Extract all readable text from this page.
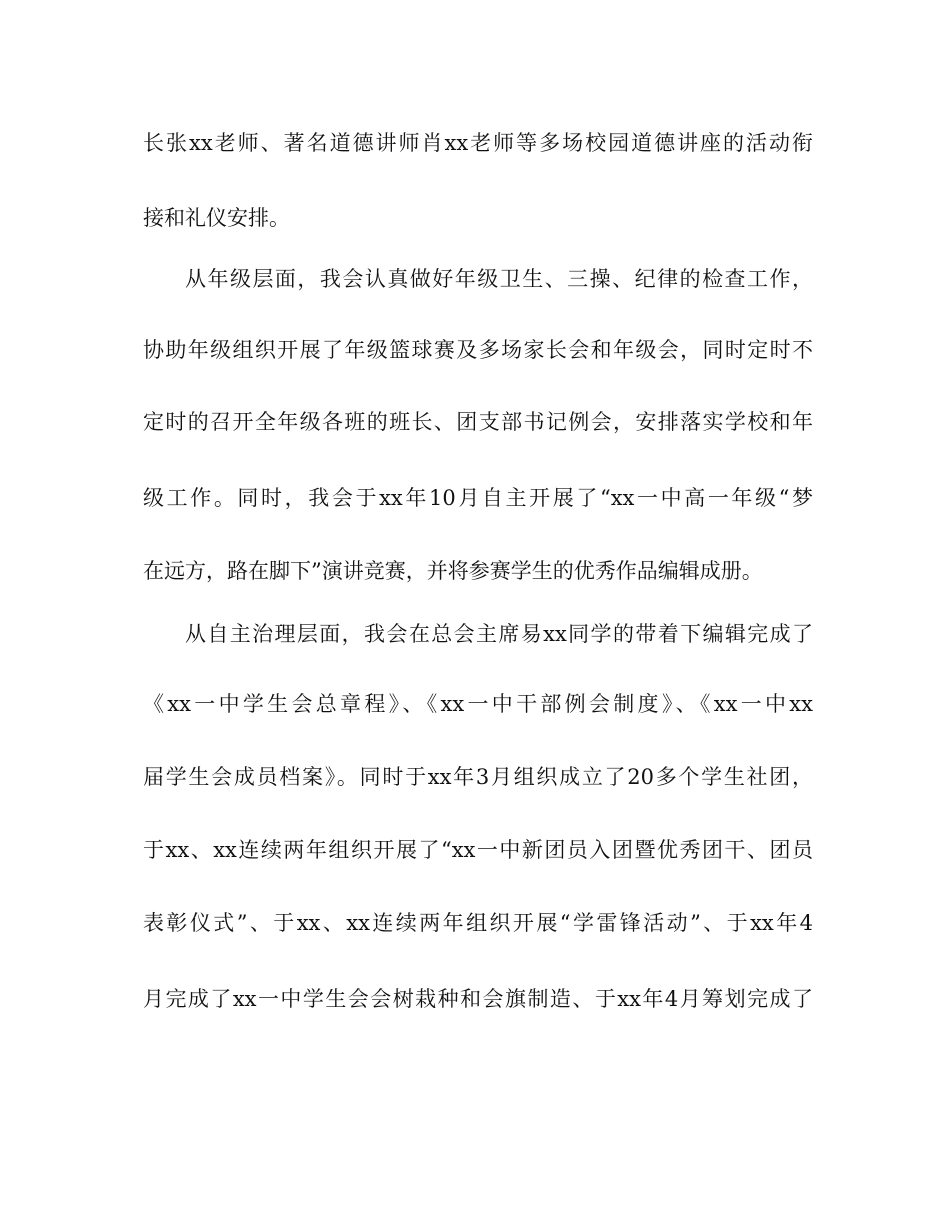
长张xx老师、著名道德讲师肖xx老师等多场校园道德讲座的活动衔
接和礼仪安排。
从年级层面，我会认真做好年级卫生、三操、纪律的检查工作，
协助年级组织开展了年级篮球赛及多场家长会和年级会，同时定时不
定时的召开全年级各班的班长、团支部书记例会，安排落实学校和年
级工作。同时，我会于xx年10月自主开展了“xx一中高一年级“梦
在远方，路在脚下”演讲竞赛，并将参赛学生的优秀作品编辑成册。
从自主治理层面，我会在总会主席易xx同学的带着下编辑完成了
《xx一中学生会总章程》、《xx一中干部例会制度》、《xx一中xx
届学生会成员档案》。同时于xx年3月组织成立了20多个学生社团，
于xx、xx连续两年组织开展了“xx一中新团员入团暨优秀团干、团员
表彰仪式”、于xx、xx连续两年组织开展“学雷锋活动”、于xx年4
月完成了xx一中学生会会树栽种和会旗制造、于xx年4月筹划完成了
